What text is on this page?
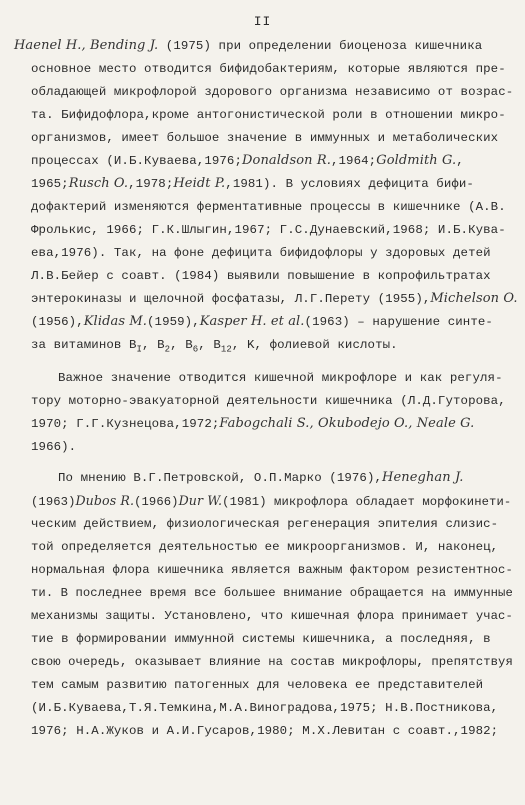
II
Haenel H., Bending J. (1975) при определении биоценоза кишечника
основное место отводится бифидобактериям, которые являются пре-
обладающей микрофлорой здорового организма независимо от возрас-
та. Бифидофлора,кроме антогонистической роли в отношении микро-
организмов, имеет большое значение в иммунных и метаболических
процессах (И.Б.Куваева,1976;Donaldson R.,1964;Goldmith G.,
1965;Rusch O.,1978;Heidt P.,1981). В условиях дефицита бифи-
дофактерий изменяются ферментативные процессы в кишечнике (А.В.
Фролькис, 1966; Г.К.Шлыгин,1967; Г.С.Дунаевский,1968; И.Б.Кува-
ева,1976). Так, на фоне дефицита бифидофлоры у здоровых детей
Л.В.Бейер с соавт. (1984) выявили повышение в копрофильтратах
энтерокиназы и щелочной фосфатазы, Л.Г.Перету (1955),Michelson O.
(1956),Klidas M.(1959),Kasper H. et al.(1963) – нарушение синте-
за витаминов $B_I$, $B_2$, $B_6$, $B_{12}$, K, фолиевой кислоты.
Важное значение отводится кишечной микрофлоре и как регуля-
тору моторно-эвакуаторной деятельности кишечника (Л.Д.Гуторова,
1970; Г.Г.Кузнецова,1972;Fabogchali S., Okubodejo O., Neale G.
1966).
По мнению В.Г.Петровской, О.П.Марко (1976),Heneghan J.
(1963)Dubos R.(1966)Dur W.(1981) микрофлора обладает морфокинети-
ческим действием, физиологическая регенерация эпителия слизис-
той определяется деятельностью ее микроорганизмов. И, наконец,
нормальная флора кишечника является важным фактором резистентнос-
ти. В последнее время все большее внимание обращается на иммунные
механизмы защиты. Установлено, что кишечная флора принимает учас-
тие в формировании иммунной системы кишечника, а последняя, в
свою очередь, оказывает влияние на состав микрофлоры, препятствуя
тем самым развитию патогенных для человека ее представителей
(И.Б.Куваева,Т.Я.Темкина,М.А.Виноградова,1975; Н.В.Постникова,
1976; Н.А.Жуков и А.И.Гусаров,1980; М.Х.Левитан с соавт.,1982;
